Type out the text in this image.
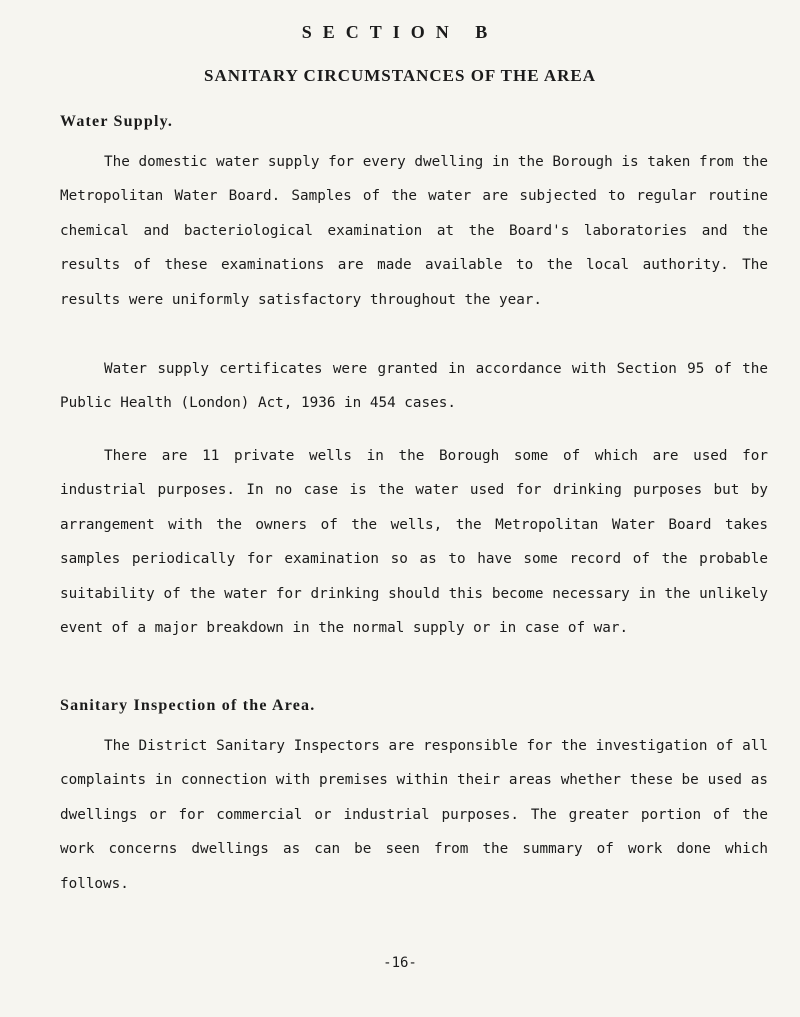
SECTION B
SANITARY CIRCUMSTANCES OF THE AREA
Water Supply.

The domestic water supply for every dwelling in the Borough is taken from the Metropolitan Water Board. Samples of the water are subjected to regular routine chemical and bacteriological examination at the Board's laboratories and the results of these examinations are made available to the local authority. The results were uniformly satisfactory throughout the year.

Water supply certificates were granted in accordance with Section 95 of the Public Health (London) Act, 1936 in 454 cases.

There are 11 private wells in the Borough some of which are used for industrial purposes. In no case is the water used for drinking purposes but by arrangement with the owners of the wells, the Metropolitan Water Board takes samples periodically for examination so as to have some record of the probable suitability of the water for drinking should this become necessary in the unlikely event of a major breakdown in the normal supply or in case of war.

Sanitary Inspection of the Area.

The District Sanitary Inspectors are responsible for the investigation of all complaints in connection with premises within their areas whether these be used as dwellings or for commercial or industrial purposes. The greater portion of the work concerns dwellings as can be seen from the summary of work done which follows.

-16-
